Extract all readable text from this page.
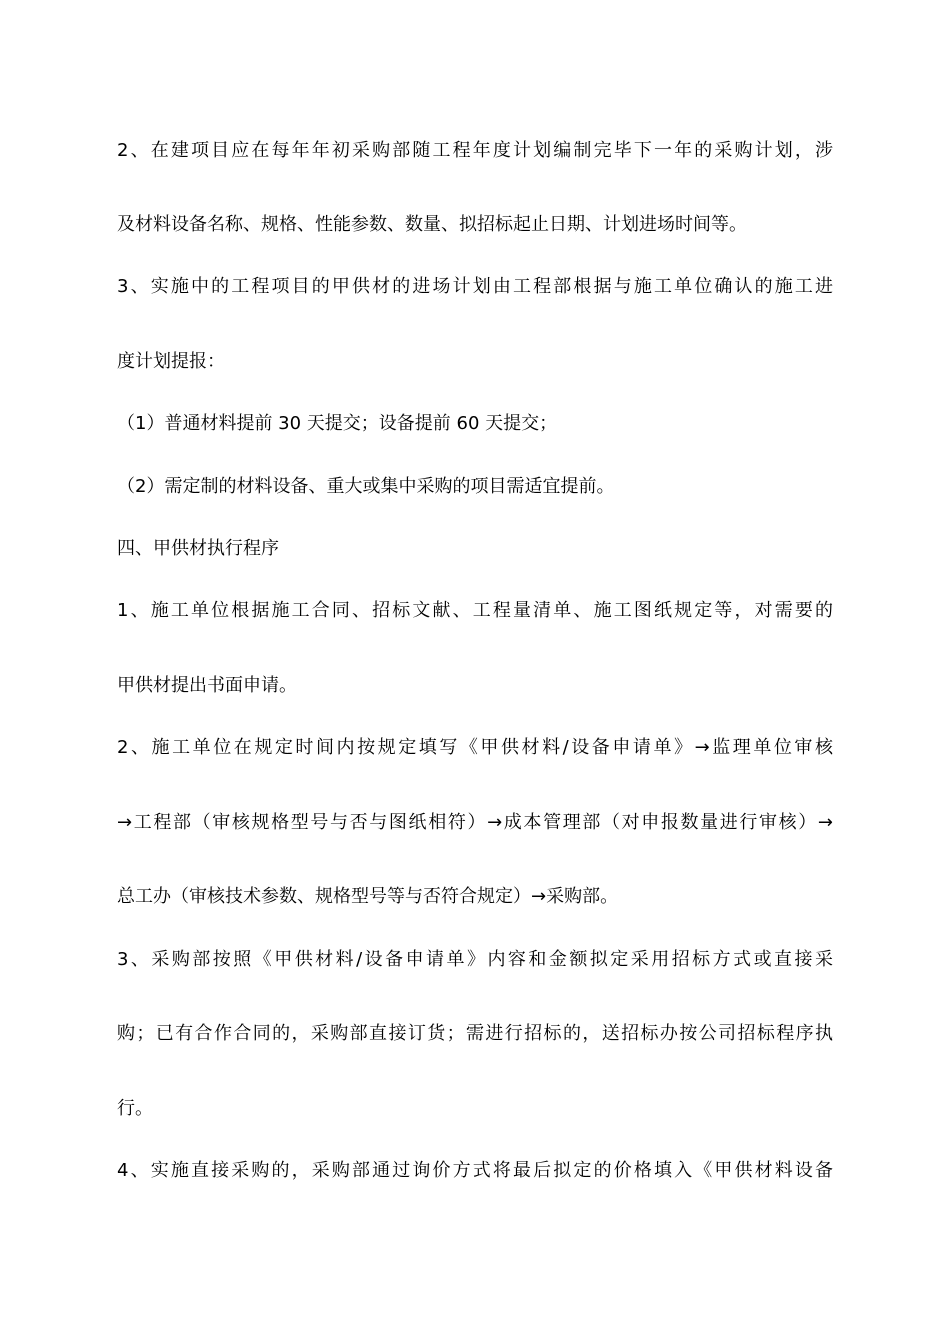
2、在建项目应在每年年初采购部随工程年度计划编制完毕下一年的采购计划，涉
及材料设备名称、规格、性能参数、数量、拟招标起止日期、计划进场时间等。
3、实施中的工程项目的甲供材的进场计划由工程部根据与施工单位确认的施工进
度计划提报：
（1）普通材料提前 30 天提交；设备提前 60 天提交；
（2）需定制的材料设备、重大或集中采购的项目需适宜提前。
四、甲供材执行程序
1、施工单位根据施工合同、招标文献、工程量清单、施工图纸规定等，对需要的
甲供材提出书面申请。
2、施工单位在规定时间内按规定填写《甲供材料/设备申请单》→监理单位审核
→工程部（审核规格型号与否与图纸相符）→成本管理部（对申报数量进行审核）→
总工办（审核技术参数、规格型号等与否符合规定）→采购部。
3、采购部按照《甲供材料/设备申请单》内容和金额拟定采用招标方式或直接采
购；已有合作合同的，采购部直接订货；需进行招标的，送招标办按公司招标程序执
行。
4、实施直接采购的，采购部通过询价方式将最后拟定的价格填入《甲供材料设备
